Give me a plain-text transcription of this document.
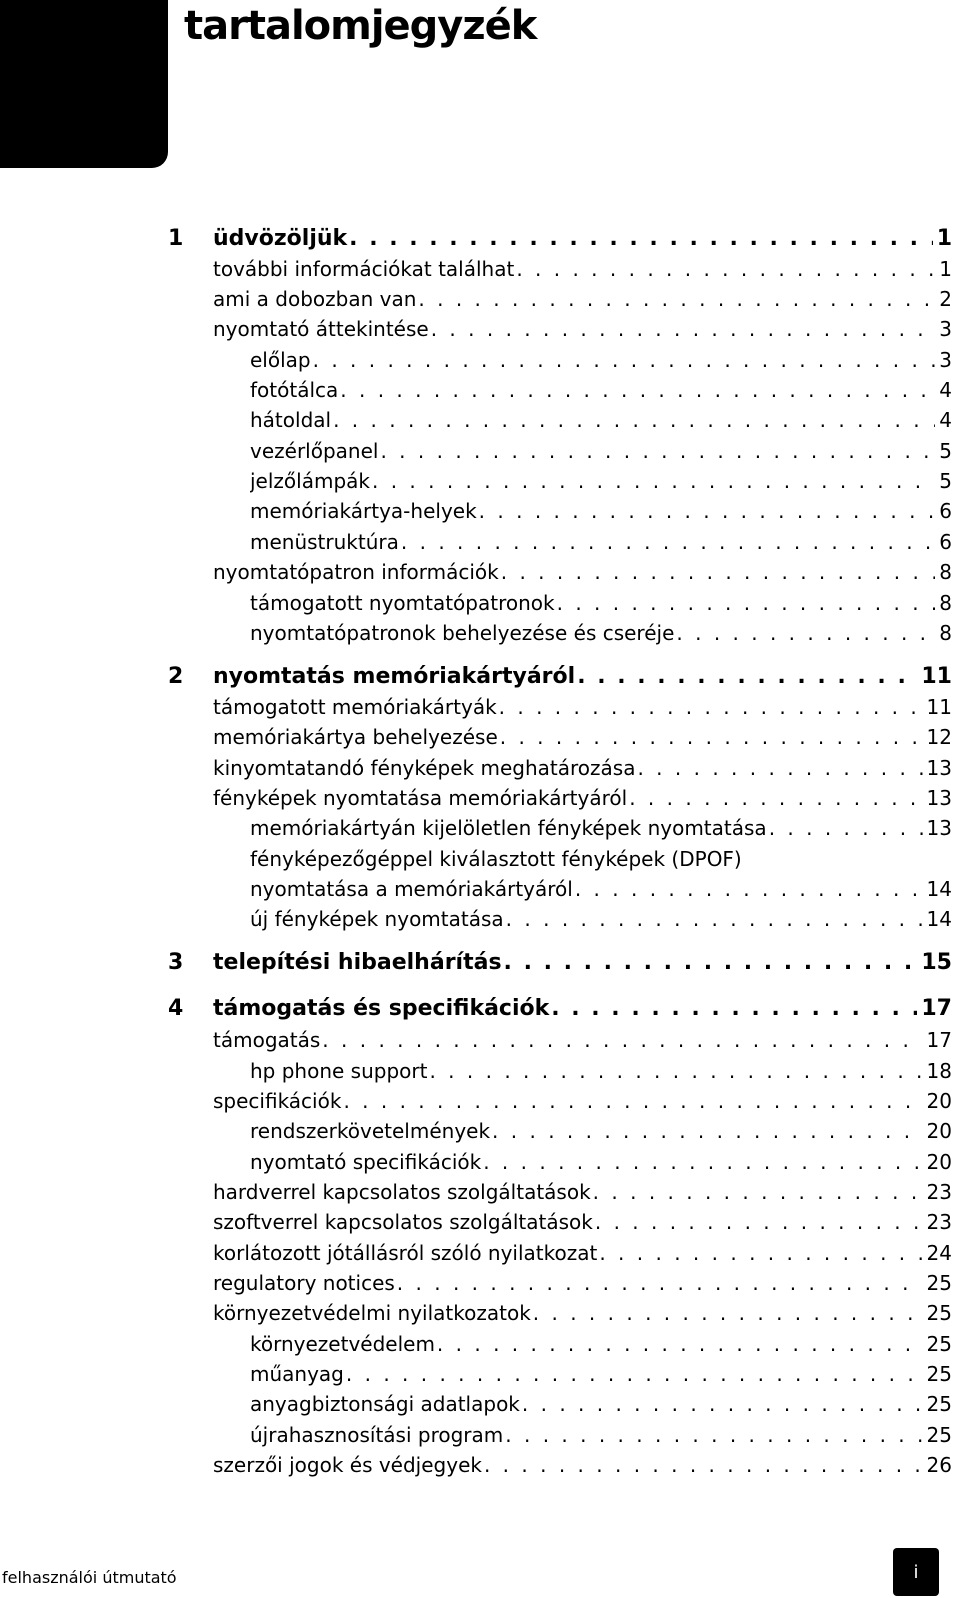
tartalomjegyzék
1	üdvözöljük . . .	1
további információkat találhat . . .	1
ami a dobozban van . . .	2
nyomtató áttekintése . . .	3
előlap . . .	3
fotótálca . . .	4
hátoldal . . .	4
vezérlőpanel . . .	5
jelzőlámpák . . .	5
memóriakártya-helyek . . .	6
menüstruktúra . . .	6
nyomtatópatron információk . . .	8
támogatott nyomtatópatronok . . .	8
nyomtatópatronok behelyezése és cseréje . . .	8
2	nyomtatás memóriakártyáról . . .	11
támogatott memóriakártyák . . .	11
memóriakártya behelyezése . . .	12
kinyomtatandó fényképek meghatározása . . .	13
fényképek nyomtatása memóriakártyáról . . .	13
memóriakártyán kijelöletlen fényképek nyomtatása . . .	13
fényképezőgéppel kiválasztott fényképek (DPOF)
nyomtatása a memóriakártyáról . . .	14
új fényképek nyomtatása . . .	14
3	telepítési hibaelhárítás . . .	15
4	támogatás és specifikációk . . .	17
támogatás . . .	17
hp phone support . . .	18
specifikációk . . .	20
rendszerkövetelmények . . .	20
nyomtató specifikációk . . .	20
hardverrel kapcsolatos szolgáltatások . . .	23
szoftverrel kapcsolatos szolgáltatások . . .	23
korlátozott jótállásról szóló nyilatkozat . . .	24
regulatory notices . . .	25
környezetvédelmi nyilatkozatok . . .	25
környezetvédelem . . .	25
műanyag . . .	25
anyagbiztonsági adatlapok . . .	25
újrahasznosítási program . . .	25
szerzői jogok és védjegyek . . .	26
felhasználói útmutató	i
